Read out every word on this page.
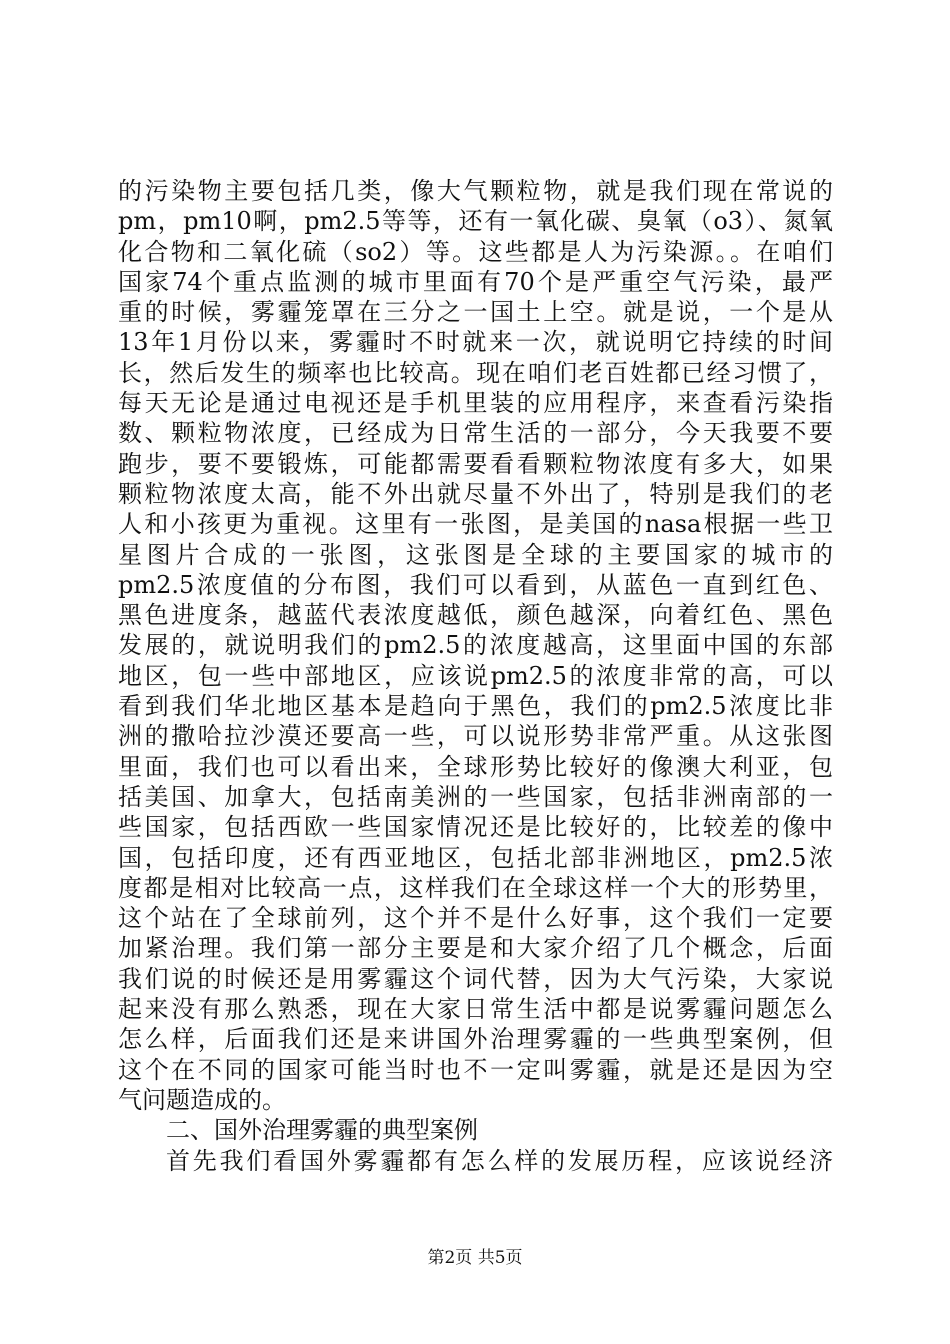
的污染物主要包括几类，像大气颗粒物，就是我们现在常说的
pm，pm10啊，pm2.5等等，还有一氧化碳、臭氧（o3）、氮氧
化合物和二氧化硫（so2）等。这些都是人为污染源。。在咱们
国家74个重点监测的城市里面有70个是严重空气污染，最严
重的时候，雾霾笼罩在三分之一国土上空。就是说，一个是从
13年1月份以来，雾霾时不时就来一次，就说明它持续的时间
长，然后发生的频率也比较高。现在咱们老百姓都已经习惯了，
每天无论是通过电视还是手机里装的应用程序，来查看污染指
数、颗粒物浓度，已经成为日常生活的一部分，今天我要不要
跑步，要不要锻炼，可能都需要看看颗粒物浓度有多大，如果
颗粒物浓度太高，能不外出就尽量不外出了，特别是我们的老
人和小孩更为重视。这里有一张图，是美国的nasa根据一些卫
星图片合成的一张图，这张图是全球的主要国家的城市的
pm2.5浓度值的分布图，我们可以看到，从蓝色一直到红色、
黑色进度条，越蓝代表浓度越低，颜色越深，向着红色、黑色
发展的，就说明我们的pm2.5的浓度越高，这里面中国的东部
地区，包一些中部地区，应该说pm2.5的浓度非常的高，可以
看到我们华北地区基本是趋向于黑色，我们的pm2.5浓度比非
洲的撒哈拉沙漠还要高一些，可以说形势非常严重。从这张图
里面，我们也可以看出来，全球形势比较好的像澳大利亚，包
括美国、加拿大，包括南美洲的一些国家，包括非洲南部的一
些国家，包括西欧一些国家情况还是比较好的，比较差的像中
国，包括印度，还有西亚地区，包括北部非洲地区，pm2.5浓
度都是相对比较高一点，这样我们在全球这样一个大的形势里，
这个站在了全球前列，这个并不是什么好事，这个我们一定要
加紧治理。我们第一部分主要是和大家介绍了几个概念，后面
我们说的时候还是用雾霾这个词代替，因为大气污染，大家说
起来没有那么熟悉，现在大家日常生活中都是说雾霾问题怎么
怎么样，后面我们还是来讲国外治理雾霾的一些典型案例，但
这个在不同的国家可能当时也不一定叫雾霾，就是还是因为空
气问题造成的。
二、国外治理雾霾的典型案例
首先我们看国外雾霾都有怎么样的发展历程，应该说经济
第2页 共5页
